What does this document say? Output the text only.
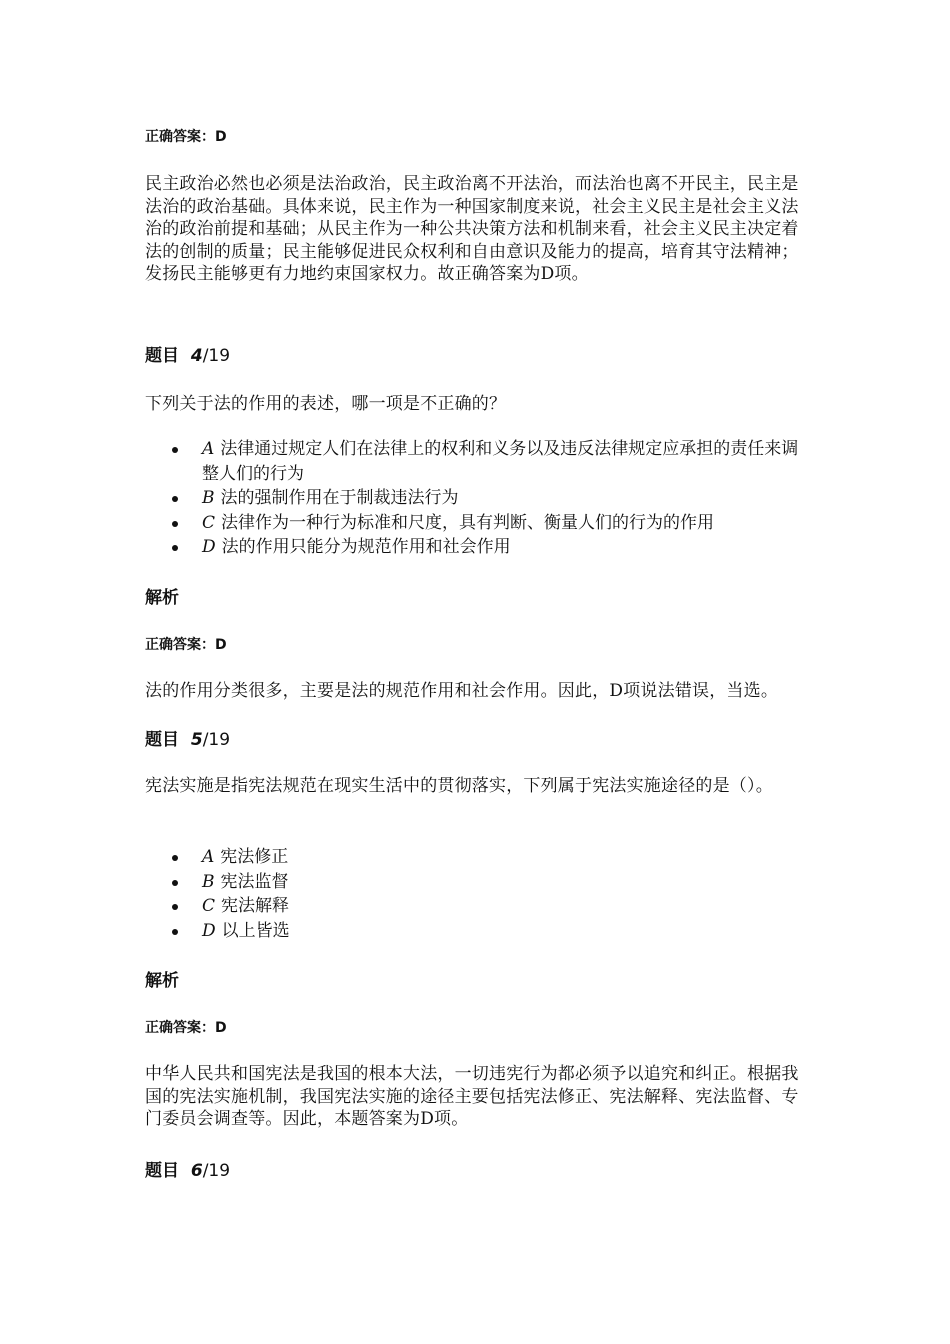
正确答案：D

民主政治必然也必须是法治政治，民主政治离不开法治，而法治也离不开民主，民主是法治的政治基础。具体来说，民主作为一种国家制度来说，社会主义民主是社会主义法治的政治前提和基础；从民主作为一种公共决策方法和机制来看，社会主义民主决定着法的创制的质量；民主能够促进民众权利和自由意识及能力的提高，培育其守法精神；发扬民主能够更有力地约束国家权力。故正确答案为D项。

题目 4/19

下列关于法的作用的表述，哪一项是不正确的？

A 法律通过规定人们在法律上的权利和义务以及违反法律规定应承担的责任来调整人们的行为
B 法的强制作用在于制裁违法行为
C 法律作为一种行为标准和尺度，具有判断、衡量人们的行为的作用
D 法的作用只能分为规范作用和社会作用

解析

正确答案：D

法的作用分类很多，主要是法的规范作用和社会作用。因此，D项说法错误，当选。

题目 5/19

宪法实施是指宪法规范在现实生活中的贯彻落实，下列属于宪法实施途径的是（）。

A 宪法修正
B 宪法监督
C 宪法解释
D 以上皆选

解析

正确答案：D

中华人民共和国宪法是我国的根本大法，一切违宪行为都必须予以追究和纠正。根据我国的宪法实施机制，我国宪法实施的途径主要包括宪法修正、宪法解释、宪法监督、专门委员会调查等。因此，本题答案为D项。

题目 6/19
